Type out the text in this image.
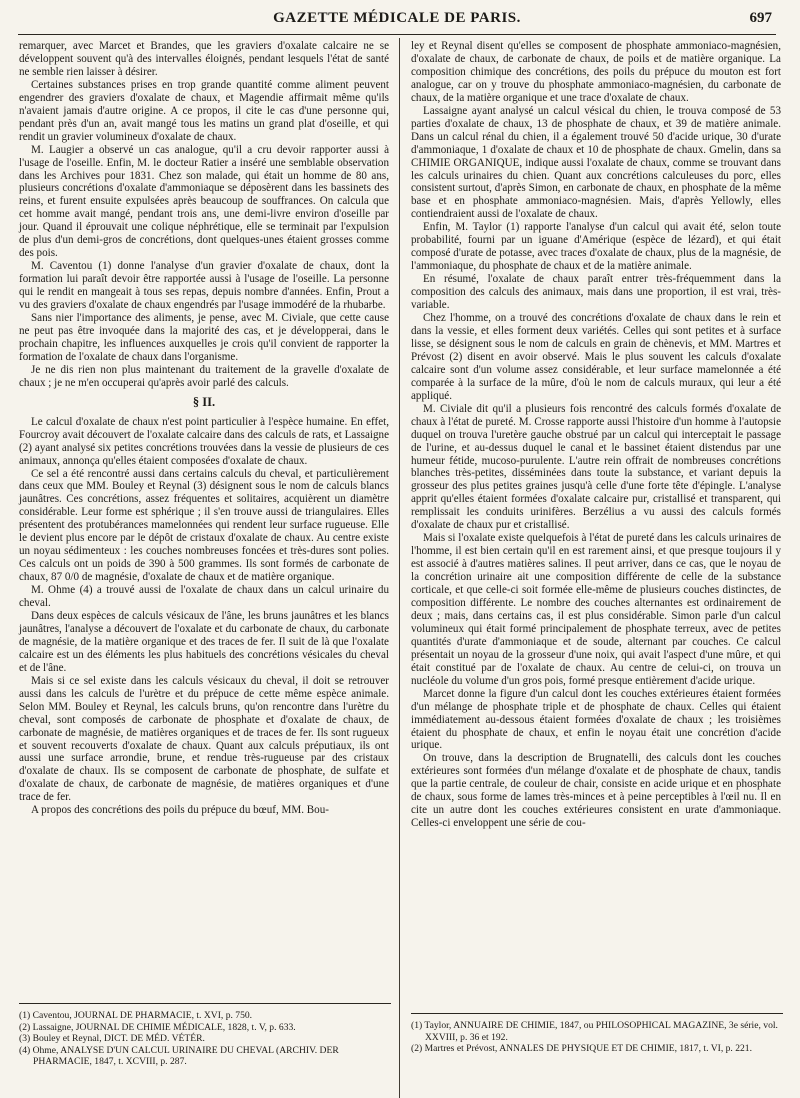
GAZETTE MÉDICALE DE PARIS.	697

remarquer, avec Marcet et Brandes, que les graviers d'oxalate calcaire ne se développent souvent qu'à des intervalles éloignés, pendant lesquels l'état de santé ne semble rien laisser à désirer.

Certaines substances prises en trop grande quantité comme aliment peuvent engendrer des graviers d'oxalate de chaux, et Magendie affirmait même qu'ils n'avaient jamais d'autre origine. A ce propos, il cite le cas d'une personne qui, pendant près d'un an, avait mangé tous les matins un grand plat d'oseille, et qui rendit un gravier volumineux d'oxalate de chaux.

M. Laugier a observé un cas analogue, qu'il a cru devoir rapporter aussi à l'usage de l'oseille. Enfin, M. le docteur Ratier a inséré une semblable observation dans les Archives pour 1831. Chez son malade, qui était un homme de 80 ans, plusieurs concrétions d'oxalate d'ammoniaque se déposèrent dans les bassinets des reins, et furent ensuite expulsées après beaucoup de souffrances. On calcula que cet homme avait mangé, pendant trois ans, une demi-livre environ d'oseille par jour. Quand il éprouvait une colique néphrétique, elle se terminait par l'expulsion de plus d'un demi-gros de concrétions, dont quelques-unes étaient grosses comme des pois.

M. Caventou (1) donne l'analyse d'un gravier d'oxalate de chaux, dont la formation lui paraît devoir être rapportée aussi à l'usage de l'oseille. La personne qui le rendit en mangeait à tous ses repas, depuis nombre d'années. Enfin, Prout a vu des graviers d'oxalate de chaux engendrés par l'usage immodéré de la rhubarbe.

Sans nier l'importance des aliments, je pense, avec M. Civiale, que cette cause ne peut pas être invoquée dans la majorité des cas, et je développerai, dans le prochain chapitre, les influences auxquelles je crois qu'il convient de rapporter la formation de l'oxalate de chaux dans l'organisme.

Je ne dis rien non plus maintenant du traitement de la gravelle d'oxalate de chaux ; je ne m'en occuperai qu'après avoir parlé des calculs.

§ II.

Le calcul d'oxalate de chaux n'est point particulier à l'espèce humaine. En effet, Fourcroy avait découvert de l'oxalate calcaire dans des calculs de rats, et Lassaigne (2) ayant analysé six petites concrétions trouvées dans la vessie de plusieurs de ces animaux, annonça qu'elles étaient composées d'oxalate de chaux.

Ce sel a été rencontré aussi dans certains calculs du cheval, et particulièrement dans ceux que MM. Bouley et Reynal (3) désignent sous le nom de calculs blancs jaunâtres. Ces concrétions, assez fréquentes et solitaires, acquièrent un diamètre considérable. Leur forme est sphérique ; il s'en trouve aussi de triangulaires. Elles présentent des protubérances mamelonnées qui rendent leur surface rugueuse. Elle le devient plus encore par le dépôt de cristaux d'oxalate de chaux. Au centre existe un noyau sédimenteux : les couches nombreuses foncées et très-dures sont polies. Ces calculs ont un poids de 390 à 500 grammes. Ils sont formés de carbonate de chaux, 87 0/0 de magnésie, d'oxalate de chaux et de matière organique.

M. Ohme (4) a trouvé aussi de l'oxalate de chaux dans un calcul urinaire du cheval.

Dans deux espèces de calculs vésicaux de l'âne, les bruns jaunâtres et les blancs jaunâtres, l'analyse a découvert de l'oxalate et du carbonate de chaux, du carbonate de magnésie, de la matière organique et des traces de fer. Il suit de là que l'oxalate calcaire est un des éléments les plus habituels des concrétions vésicales du cheval et de l'âne.

Mais si ce sel existe dans les calculs vésicaux du cheval, il doit se retrouver aussi dans les calculs de l'urètre et du prépuce de cette même espèce animale. Selon MM. Bouley et Reynal, les calculs bruns, qu'on rencontre dans l'urètre du cheval, sont composés de carbonate de phosphate et d'oxalate de chaux, de carbonate de magnésie, de matières organiques et de traces de fer. Ils sont rugueux et souvent recouverts d'oxalate de chaux. Quant aux calculs préputiaux, ils ont aussi une surface arrondie, brune, et rendue très-rugueuse par des cristaux d'oxalate de chaux. Ils se composent de carbonate de phosphate, de sulfate et d'oxalate de chaux, de carbonate de magnésie, de matières organiques et d'une trace de fer.

A propos des concrétions des poils du prépuce du bœuf, MM. Bou-

ley et Reynal disent qu'elles se composent de phosphate ammoniaco-magnésien, d'oxalate de chaux, de carbonate de chaux, de poils et de matière organique. La composition chimique des concrétions, des poils du prépuce du mouton est fort analogue, car on y trouve du phosphate ammoniaco-magnésien, du carbonate de chaux, de la matière organique et une trace d'oxalate de chaux.

Lassaigne ayant analysé un calcul vésical du chien, le trouva composé de 53 parties d'oxalate de chaux, 13 de phosphate de chaux, et 39 de matière animale. Dans un calcul rénal du chien, il a également trouvé 50 d'acide urique, 30 d'urate d'ammoniaque, 1 d'oxalate de chaux et 10 de phosphate de chaux. Gmelin, dans sa CHIMIE ORGANIQUE, indique aussi l'oxalate de chaux, comme se trouvant dans les calculs urinaires du chien. Quant aux concrétions calculeuses du porc, elles consistent surtout, d'après Simon, en carbonate de chaux, en phosphate de la même base et en phosphate ammoniaco-magnésien. Mais, d'après Yellowly, elles contiendraient aussi de l'oxalate de chaux.

Enfin, M. Taylor (1) rapporte l'analyse d'un calcul qui avait été, selon toute probabilité, fourni par un iguane d'Amérique (espèce de lézard), et qui était composé d'urate de potasse, avec traces d'oxalate de chaux, plus de la magnésie, de l'ammoniaque, du phosphate de chaux et de la matière animale.

En résumé, l'oxalate de chaux paraît entrer très-fréquemment dans la composition des calculs des animaux, mais dans une proportion, il est vrai, très-variable.

Chez l'homme, on a trouvé des concrétions d'oxalate de chaux dans le rein et dans la vessie, et elles forment deux variétés. Celles qui sont petites et à surface lisse, se désignent sous le nom de calculs en grain de chènevis, et MM. Martres et Prévost (2) disent en avoir observé. Mais le plus souvent les calculs d'oxalate calcaire sont d'un volume assez considérable, et leur surface mamelonnée a été comparée à la surface de la mûre, d'où le nom de calculs muraux, qui leur a été appliqué.

M. Civiale dit qu'il a plusieurs fois rencontré des calculs formés d'oxalate de chaux à l'état de pureté. M. Crosse rapporte aussi l'histoire d'un homme à l'autopsie duquel on trouva l'uretère gauche obstrué par un calcul qui interceptait le passage de l'urine, et au-dessus duquel le canal et le bassinet étaient distendus par une humeur fétide, mucoso-purulente. L'autre rein offrait de nombreuses concrétions blanches très-petites, disséminées dans toute la substance, et variant depuis la grosseur des plus petites graines jusqu'à celle d'une forte tête d'épingle. L'analyse apprit qu'elles étaient formées d'oxalate calcaire pur, cristallisé et transparent, qui remplissait les conduits urinifères. Berzélius a vu aussi des calculs formés d'oxalate de chaux pur et cristallisé.

Mais si l'oxalate existe quelquefois à l'état de pureté dans les calculs urinaires de l'homme, il est bien certain qu'il en est rarement ainsi, et que presque toujours il y est associé à d'autres matières salines. Il peut arriver, dans ce cas, que le noyau de la concrétion urinaire ait une composition différente de celle de la substance corticale, et que celle-ci soit formée elle-même de plusieurs couches distinctes, de composition différente. Le nombre des couches alternantes est ordinairement de deux ; mais, dans certains cas, il est plus considérable. Simon parle d'un calcul volumineux qui était formé principalement de phosphate terreux, avec de petites quantités d'urate d'ammoniaque et de soude, alternant par couches. Ce calcul présentait un noyau de la grosseur d'une noix, qui avait l'aspect d'une mûre, et qui était constitué par de l'oxalate de chaux. Au centre de celui-ci, on trouva un nucléole du volume d'un gros pois, formé presque entièrement d'acide urique.

Marcet donne la figure d'un calcul dont les couches extérieures étaient formées d'un mélange de phosphate triple et de phosphate de chaux. Celles qui étaient immédiatement au-dessous étaient formées d'oxalate de chaux ; les troisièmes étaient du phosphate de chaux, et enfin le noyau était une concrétion d'acide urique.

On trouve, dans la description de Brugnatelli, des calculs dont les couches extérieures sont formées d'un mélange d'oxalate et de phosphate de chaux, tandis que la partie centrale, de couleur de chair, consiste en acide urique et en phosphate de chaux, sous forme de lames très-minces et à peine perceptibles à l'œil nu. Il en cite un autre dont les couches extérieures consistent en urate d'ammoniaque. Celles-ci enveloppent une série de cou-

(1) Caventou, JOURNAL DE PHARMACIE, t. XVI, p. 750.

(2) Lassaigne, JOURNAL DE CHIMIE MÉDICALE, 1828, t. V, p. 633.

(3) Bouley et Reynal, DICT. DE MÉD. VÉTÉR.

(4) Ohme, ANALYSE D'UN CALCUL URINAIRE DU CHEVAL (ARCHIV. DER PHARMACIE, 1847, t. XCVIII, p. 287.

(1) Taylor, ANNUAIRE DE CHIMIE, 1847, ou PHILOSOPHICAL MAGAZINE, 3e série, vol. XXVIII, p. 36 et 192.

(2) Martres et Prévost, ANNALES DE PHYSIQUE ET DE CHIMIE, 1817, t. VI, p. 221.
